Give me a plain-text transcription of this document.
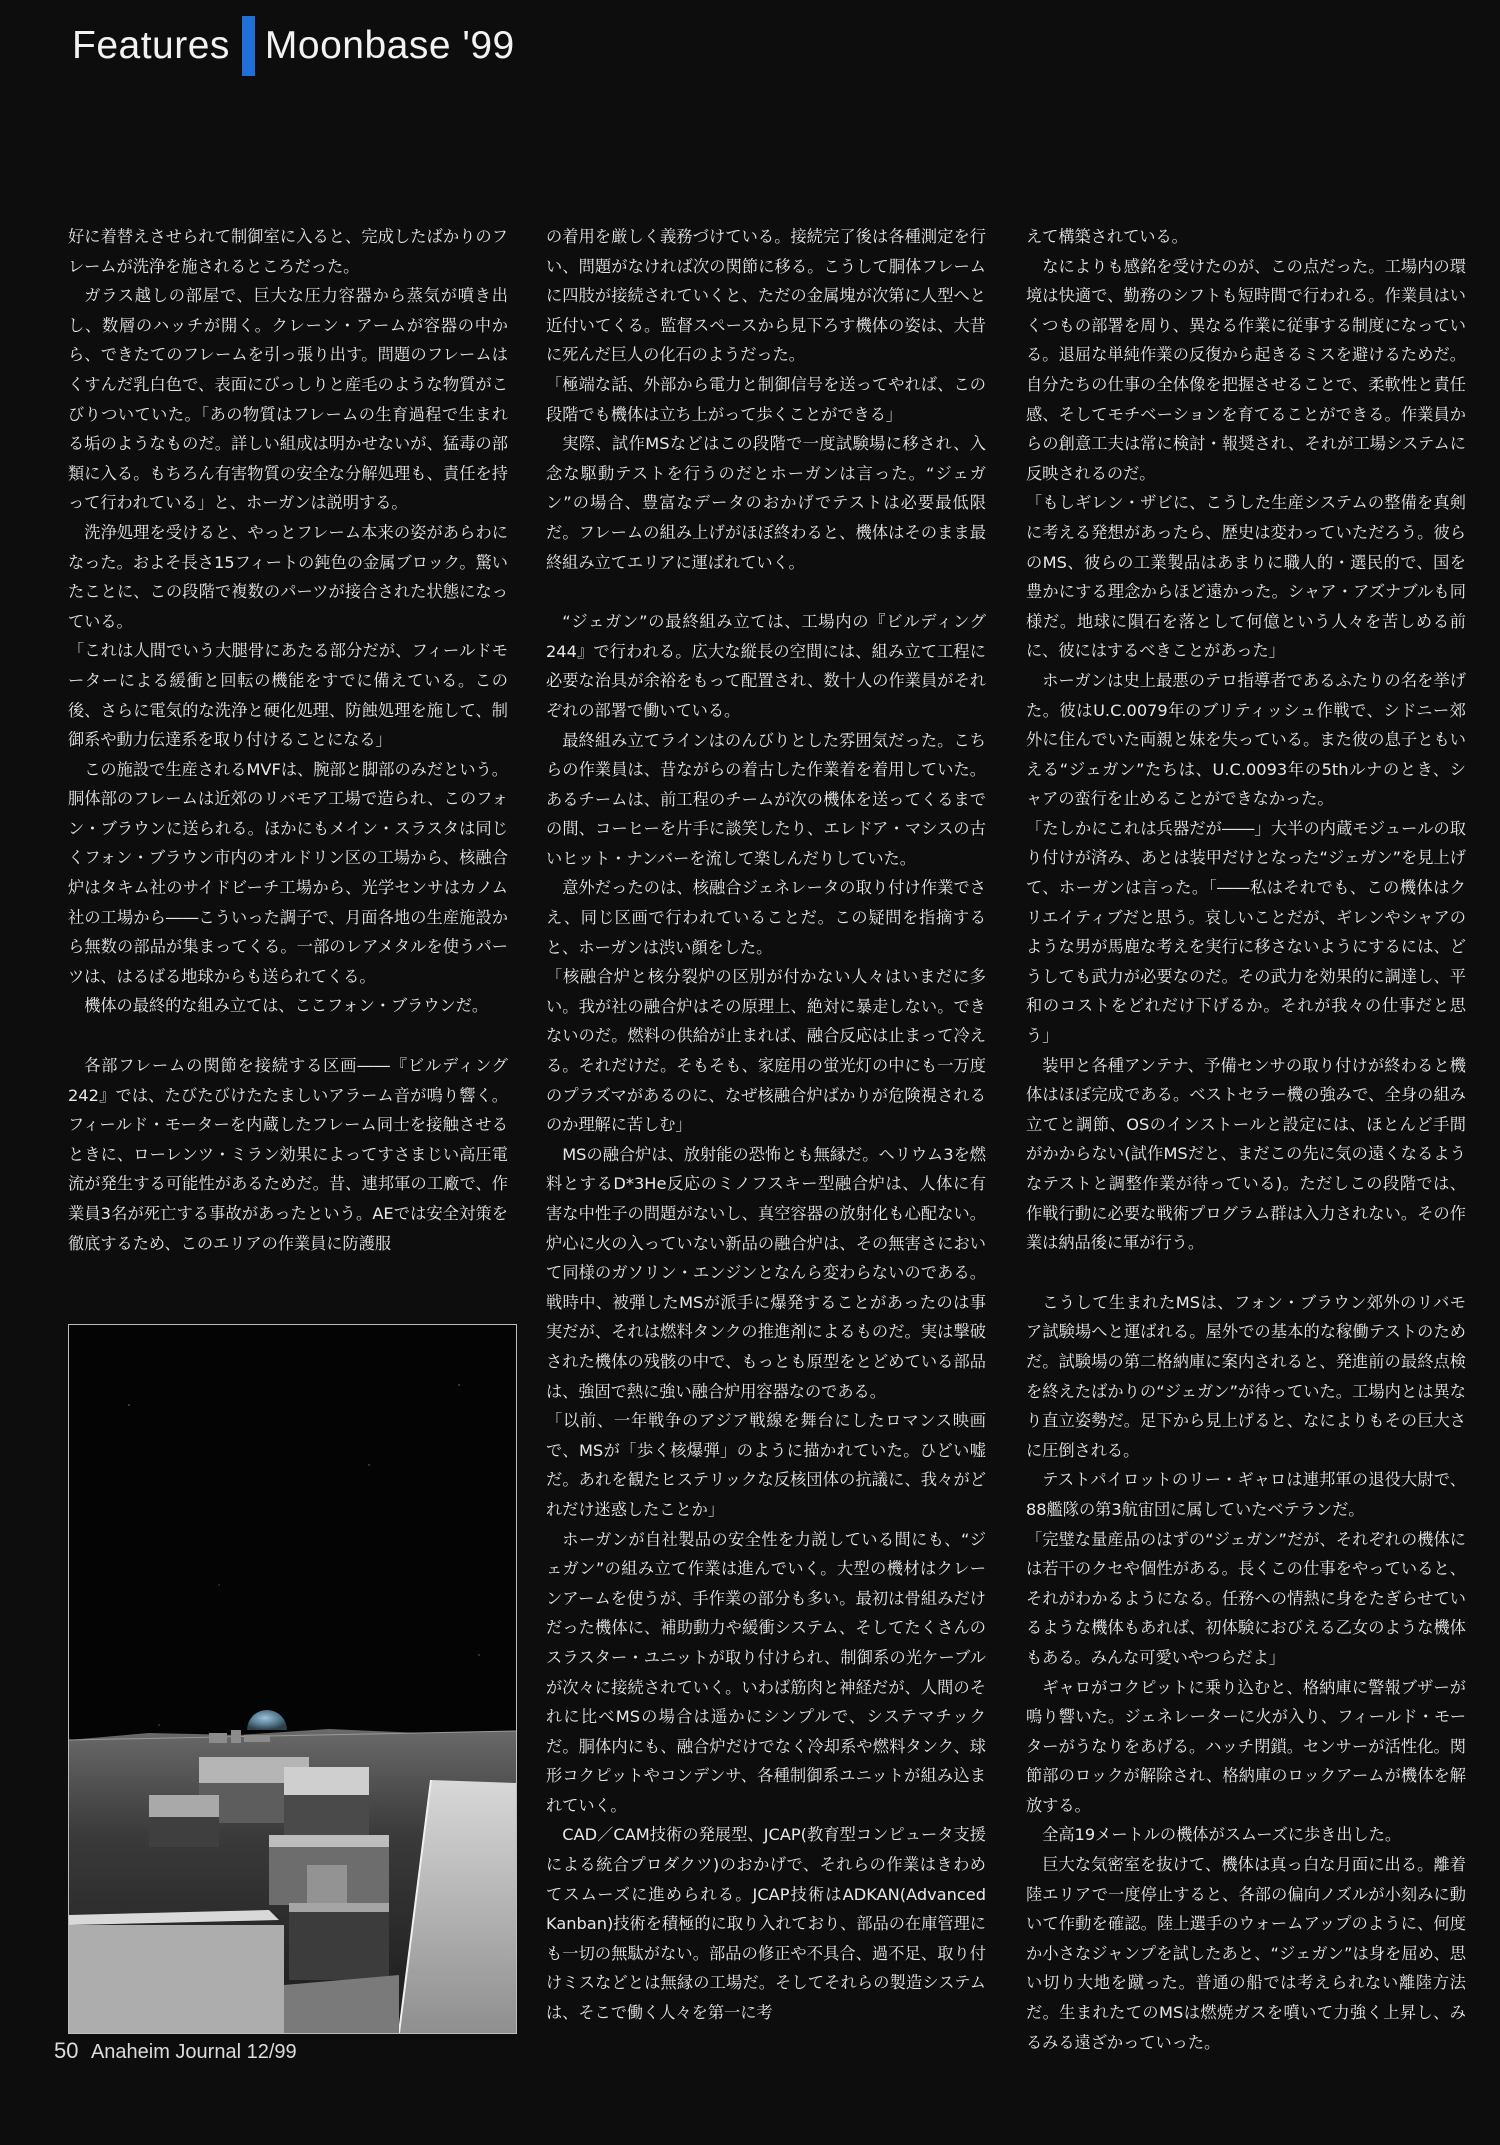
Features Moonbase '99

好に着替えさせられて制御室に入ると、完成したばかりのフレームが洗浄を施されるところだった。

ガラス越しの部屋で、巨大な圧力容器から蒸気が噴き出し、数層のハッチが開く。クレーン・アームが容器の中から、できたてのフレームを引っ張り出す。問題のフレームはくすんだ乳白色で、表面にびっしりと産毛のような物質がこびりついていた。「あの物質はフレームの生育過程で生まれる垢のようなものだ。詳しい組成は明かせないが、猛毒の部類に入る。もちろん有害物質の安全な分解処理も、責任を持って行われている」と、ホーガンは説明する。

洗浄処理を受けると、やっとフレーム本来の姿があらわになった。およそ長さ15フィートの鈍色の金属ブロック。驚いたことに、この段階で複数のパーツが接合された状態になっている。

「これは人間でいう大腿骨にあたる部分だが、フィールドモーターによる緩衝と回転の機能をすでに備えている。この後、さらに電気的な洗浄と硬化処理、防蝕処理を施して、制御系や動力伝達系を取り付けることになる」

この施設で生産されるMVFは、腕部と脚部のみだという。胴体部のフレームは近郊のリバモア工場で造られ、このフォン・ブラウンに送られる。ほかにもメイン・スラスタは同じくフォン・ブラウン市内のオルドリン区の工場から、核融合炉はタキム社のサイドビーチ工場から、光学センサはカノム社の工場から――こういった調子で、月面各地の生産施設から無数の部品が集まってくる。一部のレアメタルを使うパーツは、はるばる地球からも送られてくる。

機体の最終的な組み立ては、ここフォン・ブラウンだ。

各部フレームの関節を接続する区画――『ビルディング242』では、たびたびけたたましいアラーム音が鳴り響く。フィールド・モーターを内蔵したフレーム同士を接触させるときに、ローレンツ・ミラン効果によってすさまじい高圧電流が発生する可能性があるためだ。昔、連邦軍の工廠で、作業員3名が死亡する事故があったという。AEでは安全対策を徹底するため、このエリアの作業員に防護服

の着用を厳しく義務づけている。接続完了後は各種測定を行い、問題がなければ次の関節に移る。こうして胴体フレームに四肢が接続されていくと、ただの金属塊が次第に人型へと近付いてくる。監督スペースから見下ろす機体の姿は、大昔に死んだ巨人の化石のようだった。

「極端な話、外部から電力と制御信号を送ってやれば、この段階でも機体は立ち上がって歩くことができる」

実際、試作MSなどはこの段階で一度試験場に移され、入念な駆動テストを行うのだとホーガンは言った。“ジェガン”の場合、豊富なデータのおかげでテストは必要最低限だ。フレームの組み上げがほぼ終わると、機体はそのまま最終組み立てエリアに運ばれていく。

“ジェガン”の最終組み立ては、工場内の『ビルディング244』で行われる。広大な縦長の空間には、組み立て工程に必要な治具が余裕をもって配置され、数十人の作業員がそれぞれの部署で働いている。

最終組み立てラインはのんびりとした雰囲気だった。こちらの作業員は、昔ながらの着古した作業着を着用していた。あるチームは、前工程のチームが次の機体を送ってくるまでの間、コーヒーを片手に談笑したり、エレドア・マシスの古いヒット・ナンバーを流して楽しんだりしていた。

意外だったのは、核融合ジェネレータの取り付け作業でさえ、同じ区画で行われていることだ。この疑問を指摘すると、ホーガンは渋い顔をした。

「核融合炉と核分裂炉の区別が付かない人々はいまだに多い。我が社の融合炉はその原理上、絶対に暴走しない。できないのだ。燃料の供給が止まれば、融合反応は止まって冷える。それだけだ。そもそも、家庭用の蛍光灯の中にも一万度のプラズマがあるのに、なぜ核融合炉ばかりが危険視されるのか理解に苦しむ」

MSの融合炉は、放射能の恐怖とも無縁だ。ヘリウム3を燃料とするD*3He反応のミノフスキー型融合炉は、人体に有害な中性子の問題がないし、真空容器の放射化も心配ない。炉心に火の入っていない新品の融合炉は、その無害さにおいて同様のガソリン・エンジンとなんら変わらないのである。戦時中、被弾したMSが派手に爆発することがあったのは事実だが、それは燃料タンクの推進剤によるものだ。実は撃破された機体の残骸の中で、もっとも原型をとどめている部品は、強固で熱に強い融合炉用容器なのである。

「以前、一年戦争のアジア戦線を舞台にしたロマンス映画で、MSが「歩く核爆弾」のように描かれていた。ひどい嘘だ。あれを観たヒステリックな反核団体の抗議に、我々がどれだけ迷惑したことか」

ホーガンが自社製品の安全性を力説している間にも、“ジェガン”の組み立て作業は進んでいく。大型の機材はクレーンアームを使うが、手作業の部分も多い。最初は骨組みだけだった機体に、補助動力や緩衝システム、そしてたくさんのスラスター・ユニットが取り付けられ、制御系の光ケーブルが次々に接続されていく。いわば筋肉と神経だが、人間のそれに比べMSの場合は遥かにシンプルで、システマチックだ。胴体内にも、融合炉だけでなく冷却系や燃料タンク、球形コクピットやコンデンサ、各種制御系ユニットが組み込まれていく。

CAD／CAM技術の発展型、JCAP(教育型コンピュータ支援による統合プロダクツ)のおかげで、それらの作業はきわめてスムーズに進められる。JCAP技術はADKAN(Advanced Kanban)技術を積極的に取り入れており、部品の在庫管理にも一切の無駄がない。部品の修正や不具合、過不足、取り付けミスなどとは無縁の工場だ。そしてそれらの製造システムは、そこで働く人々を第一に考

えて構築されている。

なによりも感銘を受けたのが、この点だった。工場内の環境は快適で、勤務のシフトも短時間で行われる。作業員はいくつもの部署を周り、異なる作業に従事する制度になっている。退屈な単純作業の反復から起きるミスを避けるためだ。自分たちの仕事の全体像を把握させることで、柔軟性と責任感、そしてモチベーションを育てることができる。作業員からの創意工夫は常に検討・報奨され、それが工場システムに反映されるのだ。

「もしギレン・ザビに、こうした生産システムの整備を真剣に考える発想があったら、歴史は変わっていただろう。彼らのMS、彼らの工業製品はあまりに職人的・選民的で、国を豊かにする理念からほど遠かった。シャア・アズナブルも同様だ。地球に隕石を落として何億という人々を苦しめる前に、彼にはするべきことがあった」

ホーガンは史上最悪のテロ指導者であるふたりの名を挙げた。彼はU.C.0079年のブリティッシュ作戦で、シドニー郊外に住んでいた両親と妹を失っている。また彼の息子ともいえる“ジェガン”たちは、U.C.0093年の5thルナのとき、シャアの蛮行を止めることができなかった。

「たしかにこれは兵器だが――」大半の内蔵モジュールの取り付けが済み、あとは装甲だけとなった“ジェガン”を見上げて、ホーガンは言った。「――私はそれでも、この機体はクリエイティブだと思う。哀しいことだが、ギレンやシャアのような男が馬鹿な考えを実行に移さないようにするには、どうしても武力が必要なのだ。その武力を効果的に調達し、平和のコストをどれだけ下げるか。それが我々の仕事だと思う」

装甲と各種アンテナ、予備センサの取り付けが終わると機体はほぼ完成である。ベストセラー機の強みで、全身の組み立てと調節、OSのインストールと設定には、ほとんど手間がかからない(試作MSだと、まだこの先に気の遠くなるようなテストと調整作業が待っている)。ただしこの段階では、作戦行動に必要な戦術プログラム群は入力されない。その作業は納品後に軍が行う。

こうして生まれたMSは、フォン・ブラウン郊外のリバモア試験場へと運ばれる。屋外での基本的な稼働テストのためだ。試験場の第二格納庫に案内されると、発進前の最終点検を終えたばかりの“ジェガン”が待っていた。工場内とは異なり直立姿勢だ。足下から見上げると、なによりもその巨大さに圧倒される。

テストパイロットのリー・ギャロは連邦軍の退役大尉で、88艦隊の第3航宙団に属していたベテランだ。

「完璧な量産品のはずの“ジェガン”だが、それぞれの機体には若干のクセや個性がある。長くこの仕事をやっていると、それがわかるようになる。任務への情熱に身をたぎらせているような機体もあれば、初体験におびえる乙女のような機体もある。みんな可愛いやつらだよ」

ギャロがコクピットに乗り込むと、格納庫に警報ブザーが鳴り響いた。ジェネレーターに火が入り、フィールド・モーターがうなりをあげる。ハッチ閉鎖。センサーが活性化。関節部のロックが解除され、格納庫のロックアームが機体を解放する。

全高19メートルの機体がスムーズに歩き出した。

巨大な気密室を抜けて、機体は真っ白な月面に出る。離着陸エリアで一度停止すると、各部の偏向ノズルが小刻みに動いて作動を確認。陸上選手のウォームアップのように、何度か小さなジャンプを試したあと、“ジェガン”は身を屈め、思い切り大地を蹴った。普通の船では考えられない離陸方法だ。生まれたてのMSは燃焼ガスを噴いて力強く上昇し、みるみる遠ざかっていった。

50 Anaheim Journal 12/99
